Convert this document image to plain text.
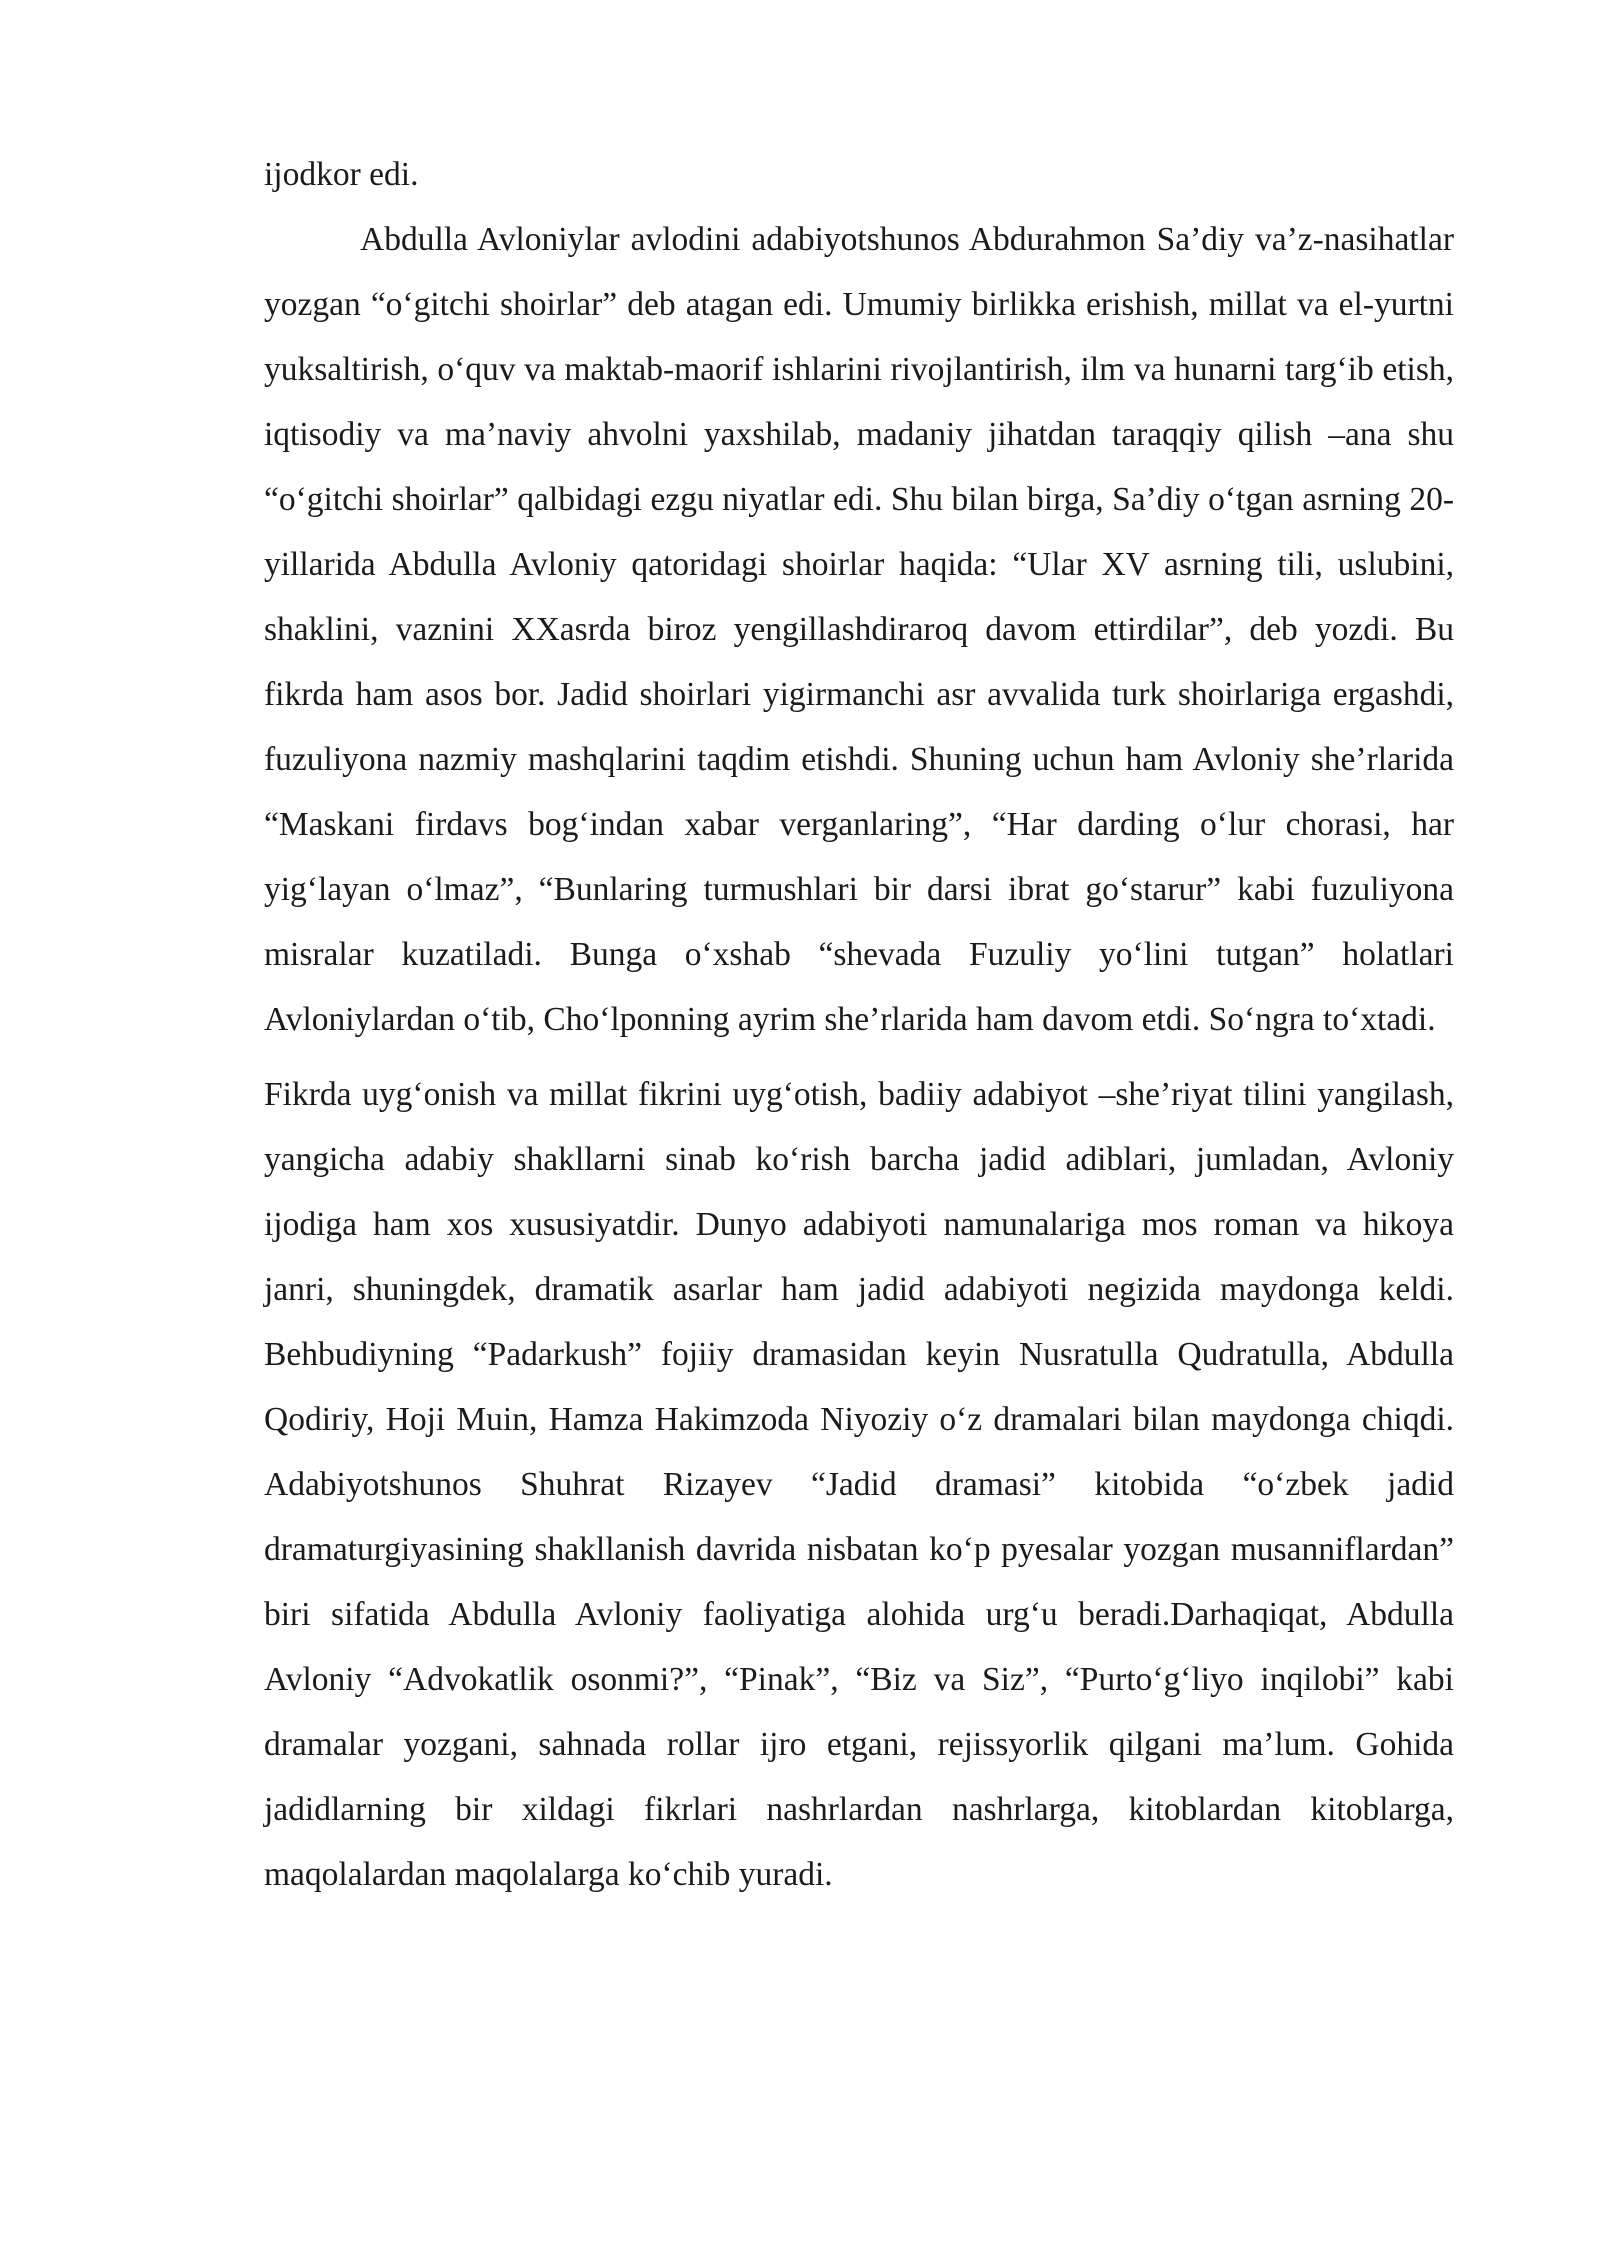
ijodkor edi.

Abdulla Avloniylar avlodini adabiyotshunos Abdurahmon Sa’diy va’z-nasihatlar yozgan “o‘gitchi shoirlar” deb atagan edi. Umumiy birlikka erishish, millat va el-yurtni yuksaltirish, o‘quv va maktab-maorif ishlarini rivojlantirish, ilm va hunarni targ‘ib etish, iqtisodiy va ma’naviy ahvolni yaxshilab, madaniy jihatdan taraqqiy qilish –ana shu “o‘gitchi shoirlar” qalbidagi ezgu niyatlar edi. Shu bilan birga, Sa’diy o‘tgan asrning 20-yillarida Abdulla Avloniy qatoridagi shoirlar haqida: “Ular XV asrning tili, uslubini, shaklini, vaznini XXasrda biroz yengillashdiraroq davom ettirdilar”, deb yozdi. Bu fikrda ham asos bor. Jadid shoirlari yigirmanchi asr avvalida turk shoirlariga ergashdi, fuzuliyona nazmiy mashqlarini taqdim etishdi. Shuning uchun ham Avloniy she’rlarida “Maskani firdavs bog‘indan xabar verganlaring”, “Har darding o‘lur chorasi, har yig‘layan o‘lmaz”, “Bunlaring turmushlari bir darsi ibrat go‘starur” kabi fuzuliyona misralar kuzatiladi. Bunga o‘xshab “shevada Fuzuliy yo‘lini tutgan” holatlari Avloniylardan o‘tib, Cho‘lponning ayrim she’rlarida ham davom etdi. So‘ngra to‘xtadi.

Fikrda uyg‘onish va millat fikrini uyg‘otish, badiiy adabiyot –she’riyat tilini yangilash, yangicha adabiy shakllarni sinab ko‘rish barcha jadid adiblari, jumladan, Avloniy ijodiga ham xos xususiyatdir. Dunyo adabiyoti namunalariga mos roman va hikoya janri, shuningdek, dramatik asarlar ham jadid adabiyoti negizida maydonga keldi. Behbudiyning “Padarkush” fojiiy dramasidan keyin Nusratulla Qudratulla, Abdulla Qodiriy, Hoji Muin, Hamza Hakimzoda Niyoziy o‘z dramalari bilan maydonga chiqdi. Adabiyotshunos Shuhrat Rizayev “Jadid dramasi” kitobida “o‘zbek jadid dramaturgiyasining shakllanish davrida nisbatan ko‘p pyesalar yozgan musanniflardan” biri sifatida Abdulla Avloniy faoliyatiga alohida urg‘u beradi.Darhaqiqat, Abdulla Avloniy “Advokatlik osonmi?”, “Pinak”, “Biz va Siz”, “Purto‘g‘liyo inqilobi” kabi dramalar yozgani, sahnada rollar ijro etgani, rejissyorlik qilgani ma’lum. Gohida jadidlarning bir xildagi fikrlari nashrlardan nashrlarga, kitoblardan kitoblarga, maqolalardan maqolalarga ko‘chib yuradi.
